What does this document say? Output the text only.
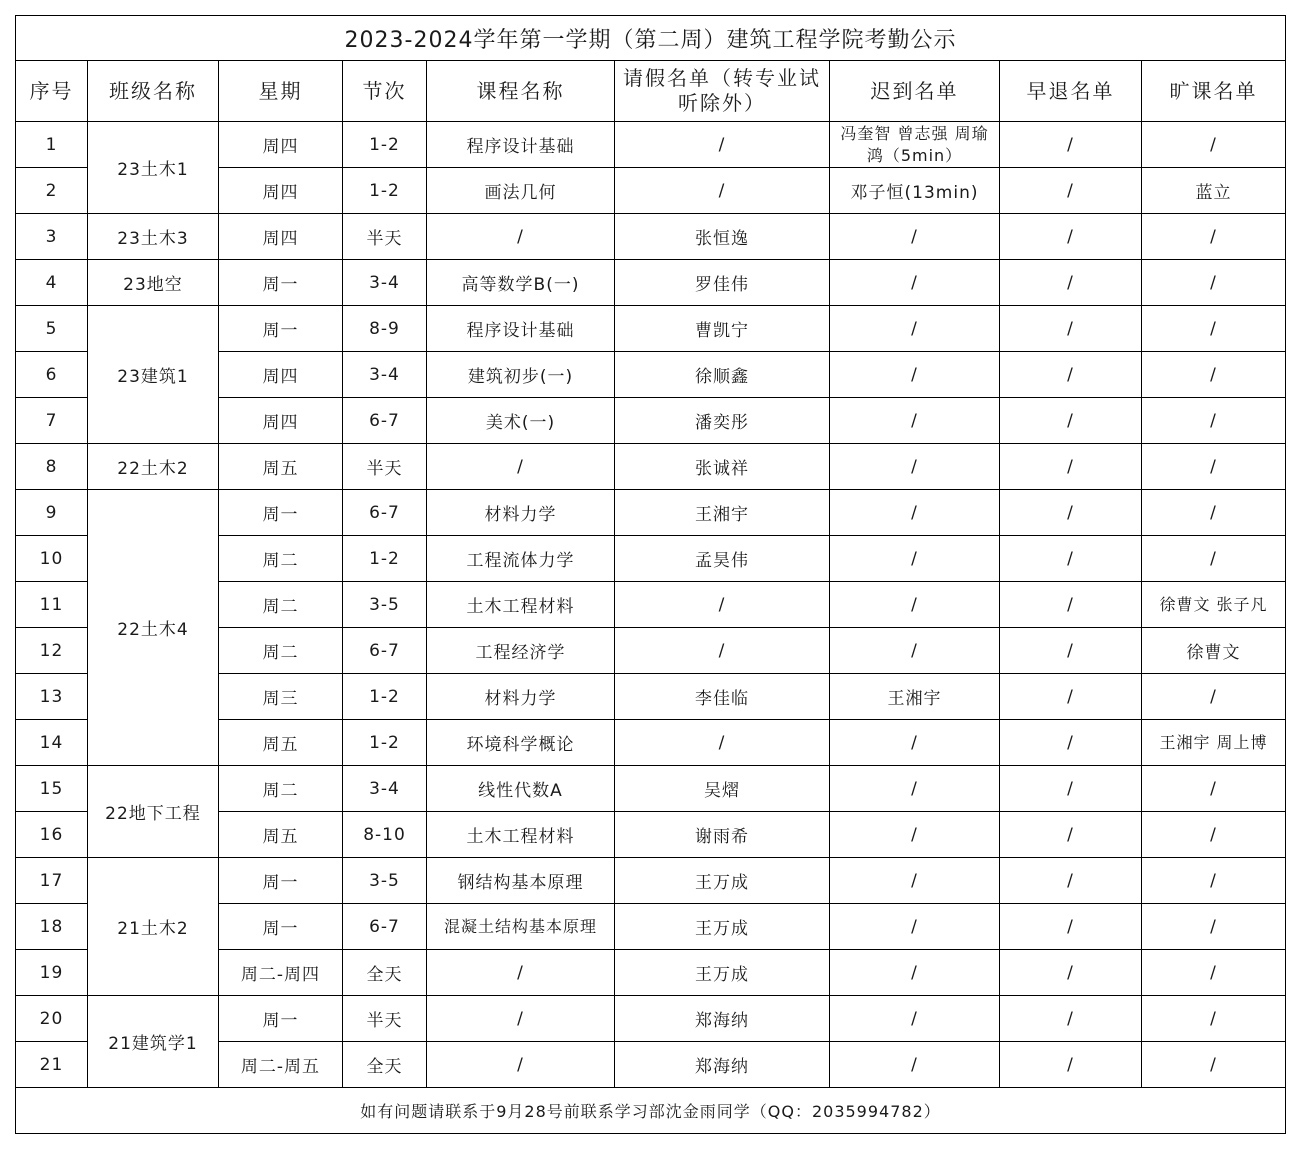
2023-2024学年第一学期（第二周）建筑工程学院考勤公示								
序号	班级名称	星期	节次	课程名称	请假名单（转专业试听除外）	迟到名单	早退名单	旷课名单
1	23土木1	周四	1-2	程序设计基础	/	冯奎智 曾志强 周瑜鸿（5min）	/	/
2		周四	1-2	画法几何	/	邓子恒(13min)	/	蓝立
3	23土木3	周四	半天	/	张恒逸	/	/	/
4	23地空	周一	3-4	高等数学B(一)	罗佳伟	/	/	/
5	23建筑1	周一	8-9	程序设计基础	曹凯宁	/	/	/
6		周四	3-4	建筑初步(一)	徐顺鑫	/	/	/
7		周四	6-7	美术(一)	潘奕彤	/	/	/
8	22土木2	周五	半天	/	张诚祥	/	/	/
9	22土木4	周一	6-7	材料力学	王湘宇	/	/	/
10		周二	1-2	工程流体力学	孟昊伟	/	/	/
11		周二	3-5	土木工程材料	/	/	/	徐曹文 张子凡
12		周二	6-7	工程经济学	/	/	/	徐曹文
13		周三	1-2	材料力学	李佳临	王湘宇	/	/
14		周五	1-2	环境科学概论	/	/	/	王湘宇 周上博
15	22地下工程	周二	3-4	线性代数A	吴熠	/	/	/
16		周五	8-10	土木工程材料	谢雨希	/	/	/
17	21土木2	周一	3-5	钢结构基本原理	王万成	/	/	/
18		周一	6-7	混凝土结构基本原理	王万成	/	/	/
19		周二-周四	全天	/	王万成	/	/	/
20	21建筑学1	周一	半天	/	郑海纳	/	/	/
21		周二-周五	全天	/	郑海纳	/	/	/
如有问题请联系于9月28号前联系学习部沈金雨同学（QQ：2035994782）								
